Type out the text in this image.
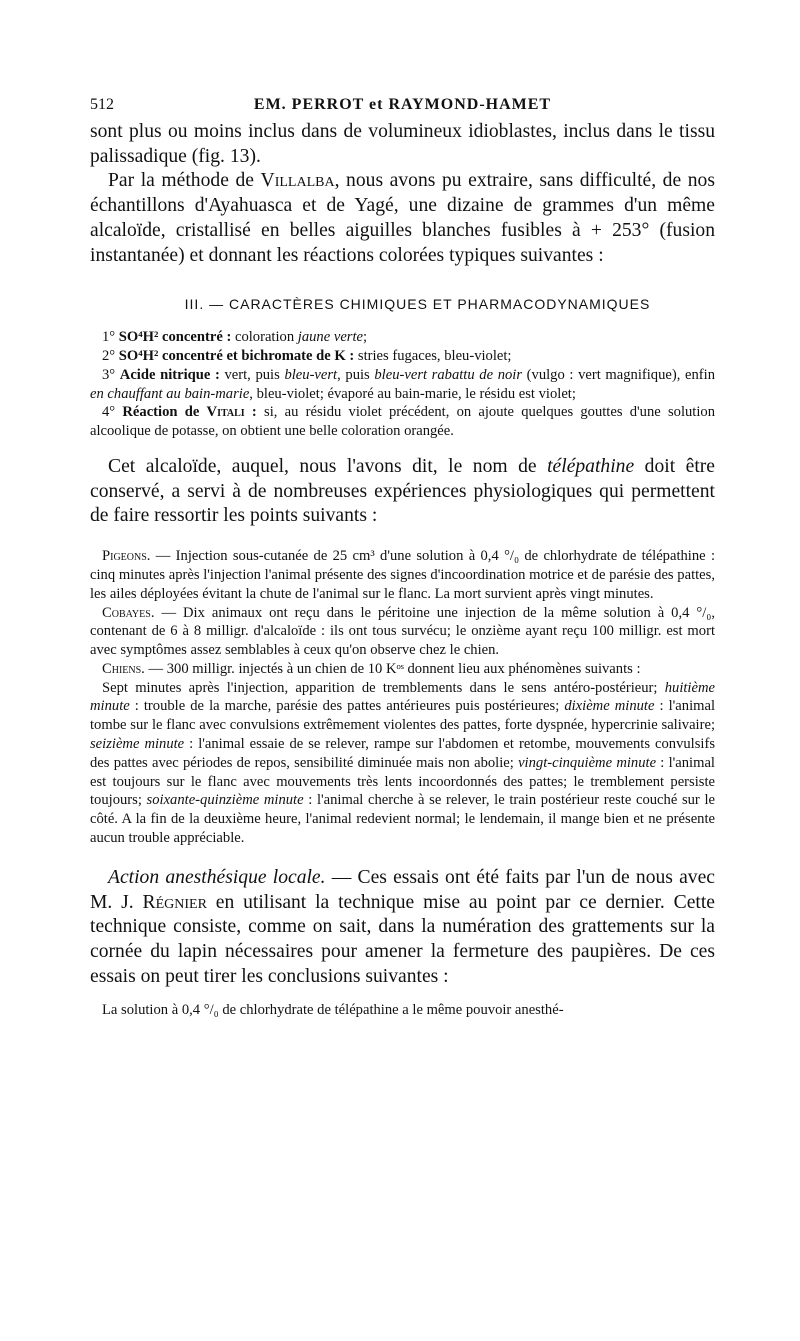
512	EM. PERROT et RAYMOND-HAMET

sont plus ou moins inclus dans de volumineux idioblastes, inclus dans le tissu palissadique (fig. 13).

Par la méthode de Villalba, nous avons pu extraire, sans difficulté, de nos échantillons d'Ayahuasca et de Yagé, une dizaine de grammes d'un même alcaloïde, cristallisé en belles aiguilles blanches fusibles à + 253° (fusion instantanée) et donnant les réactions colorées typiques suivantes :

III. — CARACTÈRES CHIMIQUES ET PHARMACODYNAMIQUES

1° SO⁴H² concentré : coloration jaune verte;

2° SO⁴H² concentré et bichromate de K : stries fugaces, bleu-violet;

3° Acide nitrique : vert, puis bleu-vert, puis bleu-vert rabattu de noir (vulgo : vert magnifique), enfin en chauffant au bain-marie, bleu-violet; évaporé au bain-marie, le résidu est violet;

4° Réaction de Vitali : si, au résidu violet précédent, on ajoute quelques gouttes d'une solution alcoolique de potasse, on obtient une belle coloration orangée.

Cet alcaloïde, auquel, nous l'avons dit, le nom de télépathine doit être conservé, a servi à de nombreuses expériences physiologiques qui permettent de faire ressortir les points suivants :

Pigeons. — Injection sous-cutanée de 25 cm³ d'une solution à 0,4 °/₀ de chlorhydrate de télépathine : cinq minutes après l'injection l'animal présente des signes d'incoordination motrice et de parésie des pattes, les ailes déployées évitant la chute de l'animal sur le flanc. La mort survient après vingt minutes.

Cobayes. — Dix animaux ont reçu dans le péritoine une injection de la même solution à 0,4 °/₀, contenant de 6 à 8 milligr. d'alcaloïde : ils ont tous survécu; le onzième ayant reçu 100 milligr. est mort avec symptômes assez semblables à ceux qu'on observe chez le chien.

Chiens. — 300 milligr. injectés à un chien de 10 Kᵒˢ donnent lieu aux phénomènes suivants :

Sept minutes après l'injection, apparition de tremblements dans le sens antéro-postérieur; huitième minute : trouble de la marche, parésie des pattes antérieures puis postérieures; dixième minute : l'animal tombe sur le flanc avec convulsions extrêmement violentes des pattes, forte dyspnée, hypercrinie salivaire; seizième minute : l'animal essaie de se relever, rampe sur l'abdomen et retombe, mouvements convulsifs des pattes avec périodes de repos, sensibilité diminuée mais non abolie; vingt-cinquième minute : l'animal est toujours sur le flanc avec mouvements très lents incoordonnés des pattes; le tremblement persiste toujours; soixante-quinzième minute : l'animal cherche à se relever, le train postérieur reste couché sur le côté. A la fin de la deuxième heure, l'animal redevient normal; le lendemain, il mange bien et ne présente aucun trouble appréciable.

Action anesthésique locale. — Ces essais ont été faits par l'un de nous avec M. J. Régnier en utilisant la technique mise au point par ce dernier. Cette technique consiste, comme on sait, dans la numération des grattements sur la cornée du lapin nécessaires pour amener la fermeture des paupières. De ces essais on peut tirer les conclusions suivantes :

La solution à 0,4 °/₀ de chlorhydrate de télépathine a le même pouvoir anesthé-
